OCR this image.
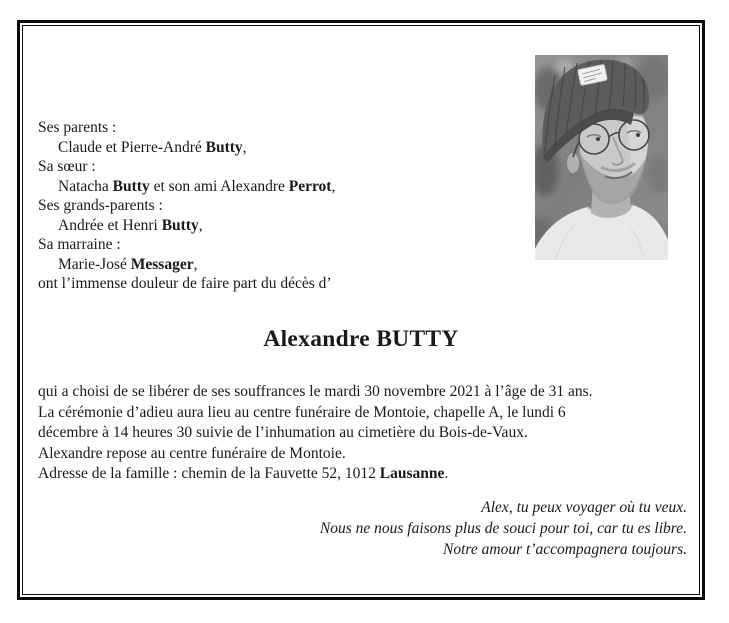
Ses parents :
Claude et Pierre-André Butty,
Sa sœur :
Natacha Butty et son ami Alexandre Perrot,
Ses grands-parents :
Andrée et Henri Butty,
Sa marraine :
Marie-José Messager,
ont l’immense douleur de faire part du décès d’
Alexandre BUTTY
qui a choisi de se libérer de ses souffrances le mardi 30 novembre 2021 à l’âge de 31 ans.
La cérémonie d’adieu aura lieu au centre funéraire de Montoie, chapelle A, le lundi 6
décembre à 14 heures 30 suivie de l’inhumation au cimetière du Bois-de-Vaux.
Alexandre repose au centre funéraire de Montoie.
Adresse de la famille : chemin de la Fauvette 52, 1012 Lausanne.
Alex, tu peux voyager où tu veux.
Nous ne nous faisons plus de souci pour toi, car tu es libre.
Notre amour t’accompagnera toujours.
